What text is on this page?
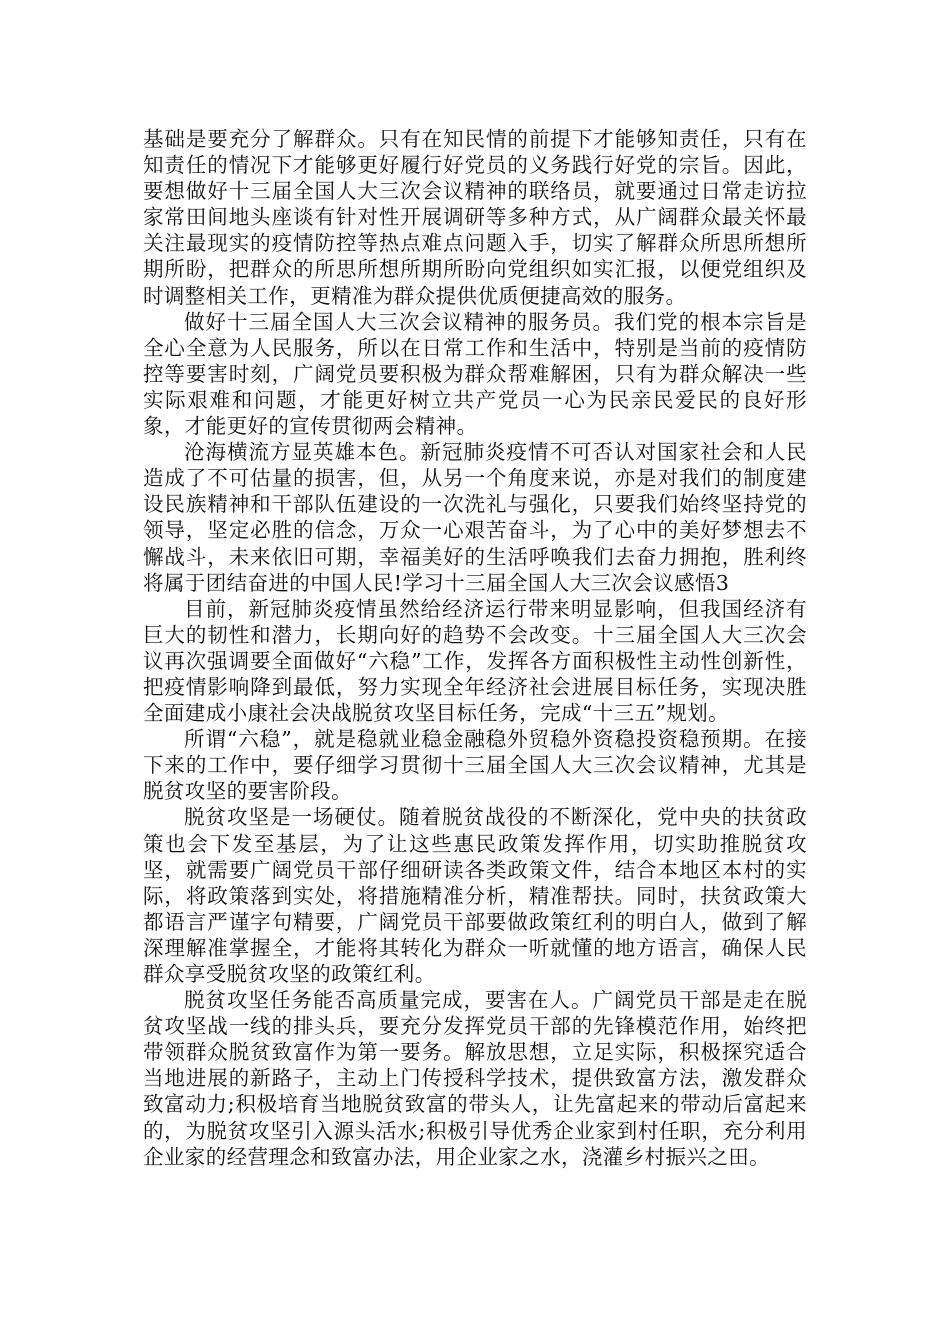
基础是要充分了解群众。只有在知民情的前提下才能够知责任，只有在知责任的情况下才能够更好履行好党员的义务践行好党的宗旨。因此，要想做好十三届全国人大三次会议精神的联络员，就要通过日常走访拉家常田间地头座谈有针对性开展调研等多种方式，从广阔群众最关怀最关注最现实的疫情防控等热点难点问题入手，切实了解群众所思所想所期所盼，把群众的所思所想所期所盼向党组织如实汇报，以便党组织及时调整相关工作，更精准为群众提供优质便捷高效的服务。

做好十三届全国人大三次会议精神的服务员。我们党的根本宗旨是全心全意为人民服务，所以在日常工作和生活中，特别是当前的疫情防控等要害时刻，广阔党员要积极为群众帮难解困，只有为群众解决一些实际艰难和问题，才能更好树立共产党员一心为民亲民爱民的良好形象，才能更好的宣传贯彻两会精神。

沧海横流方显英雄本色。新冠肺炎疫情不可否认对国家社会和人民造成了不可估量的损害，但，从另一个角度来说，亦是对我们的制度建设民族精神和干部队伍建设的一次洗礼与强化，只要我们始终坚持党的领导，坚定必胜的信念，万众一心艰苦奋斗，为了心中的美好梦想去不懈战斗，未来依旧可期，幸福美好的生活呼唤我们去奋力拥抱，胜利终将属于团结奋进的中国人民!学习十三届全国人大三次会议感悟3

目前，新冠肺炎疫情虽然给经济运行带来明显影响，但我国经济有巨大的韧性和潜力，长期向好的趋势不会改变。十三届全国人大三次会议再次强调要全面做好“六稳”工作，发挥各方面积极性主动性创新性，把疫情影响降到最低，努力实现全年经济社会进展目标任务，实现决胜全面建成小康社会决战脱贫攻坚目标任务，完成“十三五”规划。

所谓“六稳”，就是稳就业稳金融稳外贸稳外资稳投资稳预期。在接下来的工作中，要仔细学习贯彻十三届全国人大三次会议精神，尤其是脱贫攻坚的要害阶段。

脱贫攻坚是一场硬仗。随着脱贫战役的不断深化，党中央的扶贫政策也会下发至基层，为了让这些惠民政策发挥作用，切实助推脱贫攻坚，就需要广阔党员干部仔细研读各类政策文件，结合本地区本村的实际，将政策落到实处，将措施精准分析，精准帮扶。同时，扶贫政策大都语言严谨字句精要，广阔党员干部要做政策红利的明白人，做到了解深理解准掌握全，才能将其转化为群众一听就懂的地方语言，确保人民群众享受脱贫攻坚的政策红利。

脱贫攻坚任务能否高质量完成，要害在人。广阔党员干部是走在脱贫攻坚战一线的排头兵，要充分发挥党员干部的先锋模范作用，始终把带领群众脱贫致富作为第一要务。解放思想，立足实际，积极探究适合当地进展的新路子，主动上门传授科学技术，提供致富方法，激发群众致富动力;积极培育当地脱贫致富的带头人，让先富起来的带动后富起来的，为脱贫攻坚引入源头活水;积极引导优秀企业家到村任职，充分利用企业家的经营理念和致富办法，用企业家之水，浇灌乡村振兴之田。
